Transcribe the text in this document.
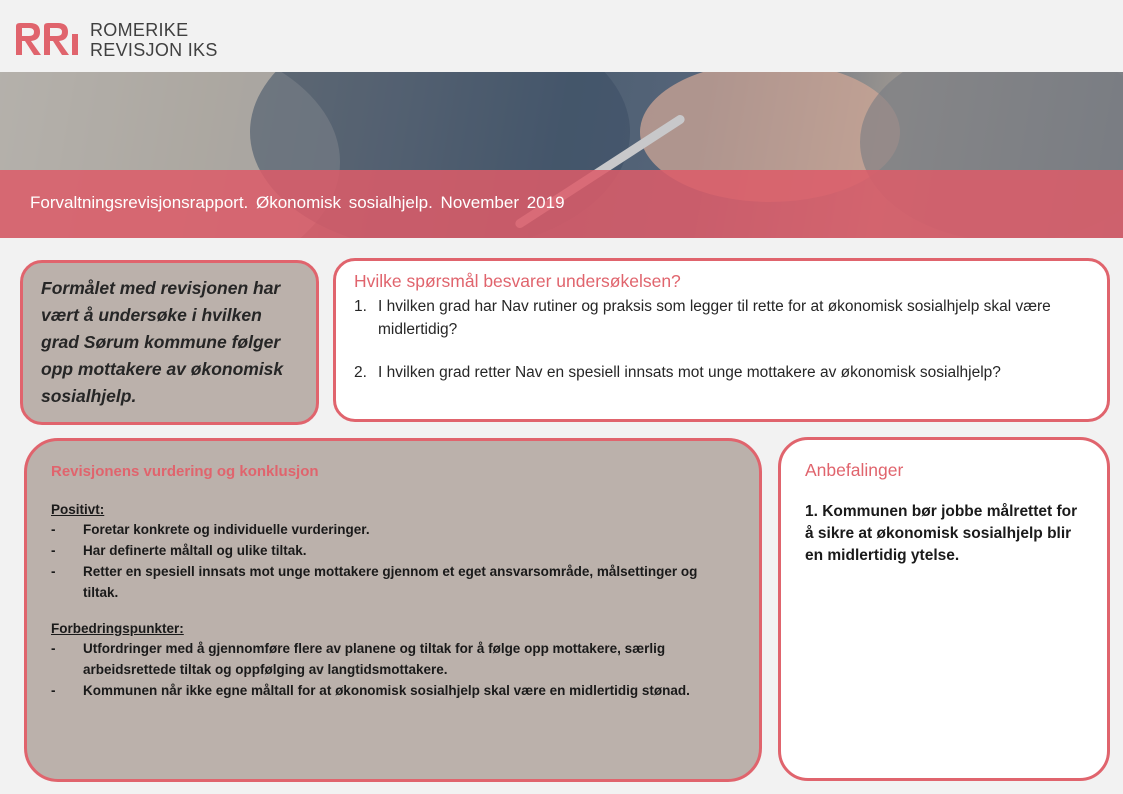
ROMERIKE
REVISJON IKS
Forvaltningsrevisjonsrapport. Økonomisk sosialhjelp. November 2019
Formålet med revisjonen har vært å undersøke i hvilken grad Sørum kommune følger opp mottakere av økonomisk sosialhjelp.
Hvilke spørsmål besvarer undersøkelsen?
1. I hvilken grad har Nav rutiner og praksis som legger til rette for at økonomisk sosialhjelp skal være midlertidig?
2. I hvilken grad retter Nav en spesiell innsats mot unge mottakere av økonomisk sosialhjelp?
Revisjonens vurdering og konklusjon
Positivt:
-	Foretar konkrete og individuelle vurderinger.
-	Har definerte måltall og ulike tiltak.
-	Retter en spesiell innsats mot unge mottakere gjennom et eget ansvarsområde, målsettinger og tiltak.
Forbedringspunkter:
-	Utfordringer med å gjennomføre flere av planene og tiltak for å følge opp mottakere, særlig arbeidsrettede tiltak og oppfølging av langtidsmottakere.
-	Kommunen når ikke egne måltall for at økonomisk sosialhjelp skal være en midlertidig stønad.
Anbefalinger
1. Kommunen bør jobbe målrettet for å sikre at økonomisk sosialhjelp blir en midlertidig ytelse.
